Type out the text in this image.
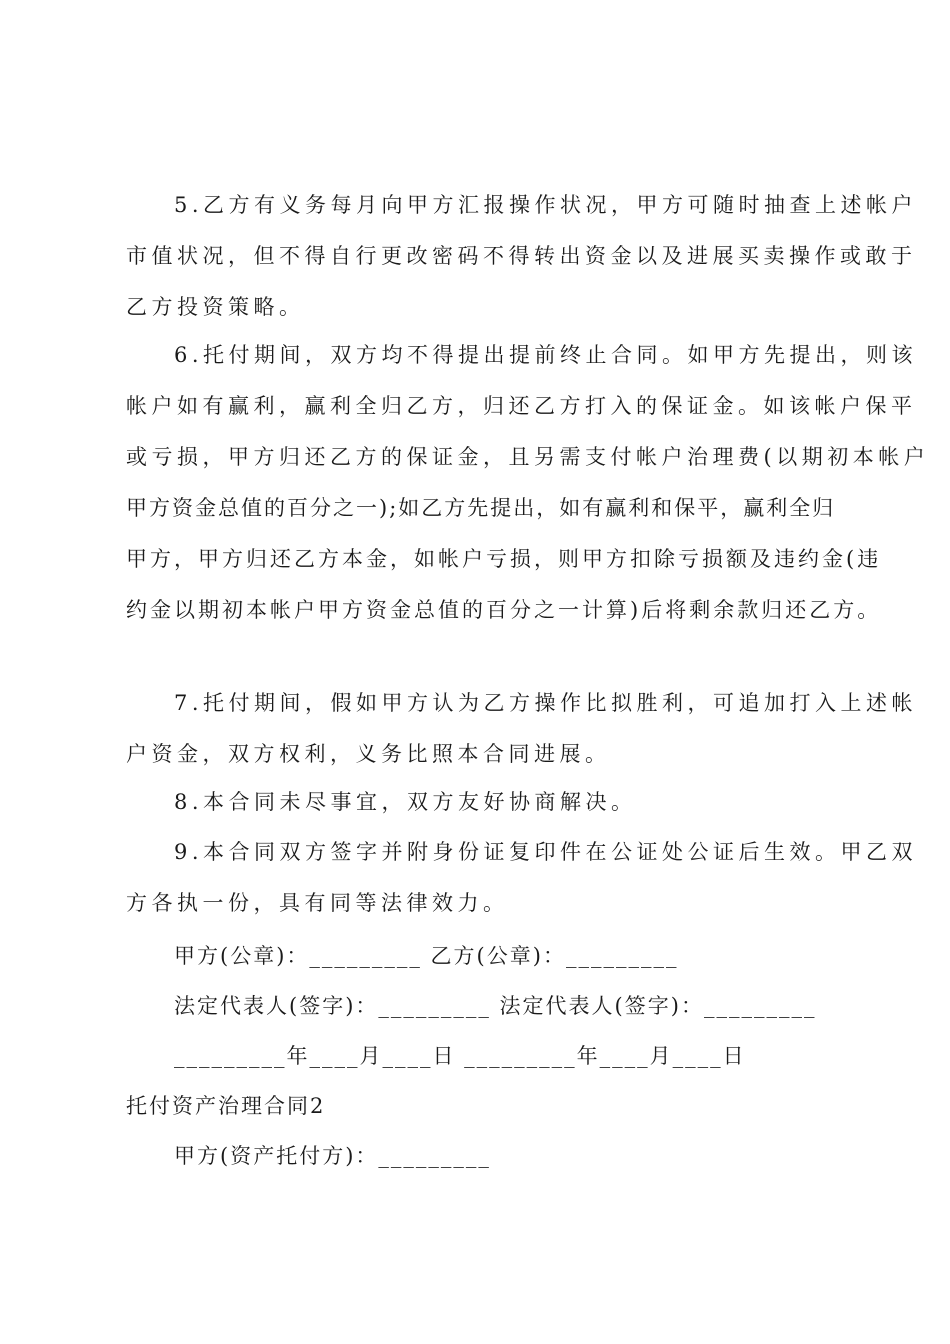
5.乙方有义务每月向甲方汇报操作状况，甲方可随时抽查上述帐户

市值状况，但不得自行更改密码不得转出资金以及进展买卖操作或敢于

乙方投资策略。

6.托付期间，双方均不得提出提前终止合同。如甲方先提出，则该

帐户如有赢利，赢利全归乙方，归还乙方打入的保证金。如该帐户保平

或亏损，甲方归还乙方的保证金，且另需支付帐户治理费(以期初本帐户

甲方资金总值的百分之一);如乙方先提出，如有赢利和保平，赢利全归

甲方，甲方归还乙方本金，如帐户亏损，则甲方扣除亏损额及违约金(违

约金以期初本帐户甲方资金总值的百分之一计算)后将剩余款归还乙方。

7.托付期间，假如甲方认为乙方操作比拟胜利，可追加打入上述帐

户资金，双方权利，义务比照本合同进展。

8.本合同未尽事宜，双方友好协商解决。

9.本合同双方签字并附身份证复印件在公证处公证后生效。甲乙双

方各执一份，具有同等法律效力。

甲方(公章)：_________ 乙方(公章)：_________
法定代表人(签字)：_________ 法定代表人(签字)：_________
_________年____月____日 _________年____月____日
托付资产治理合同2
甲方(资产托付方)：_________
